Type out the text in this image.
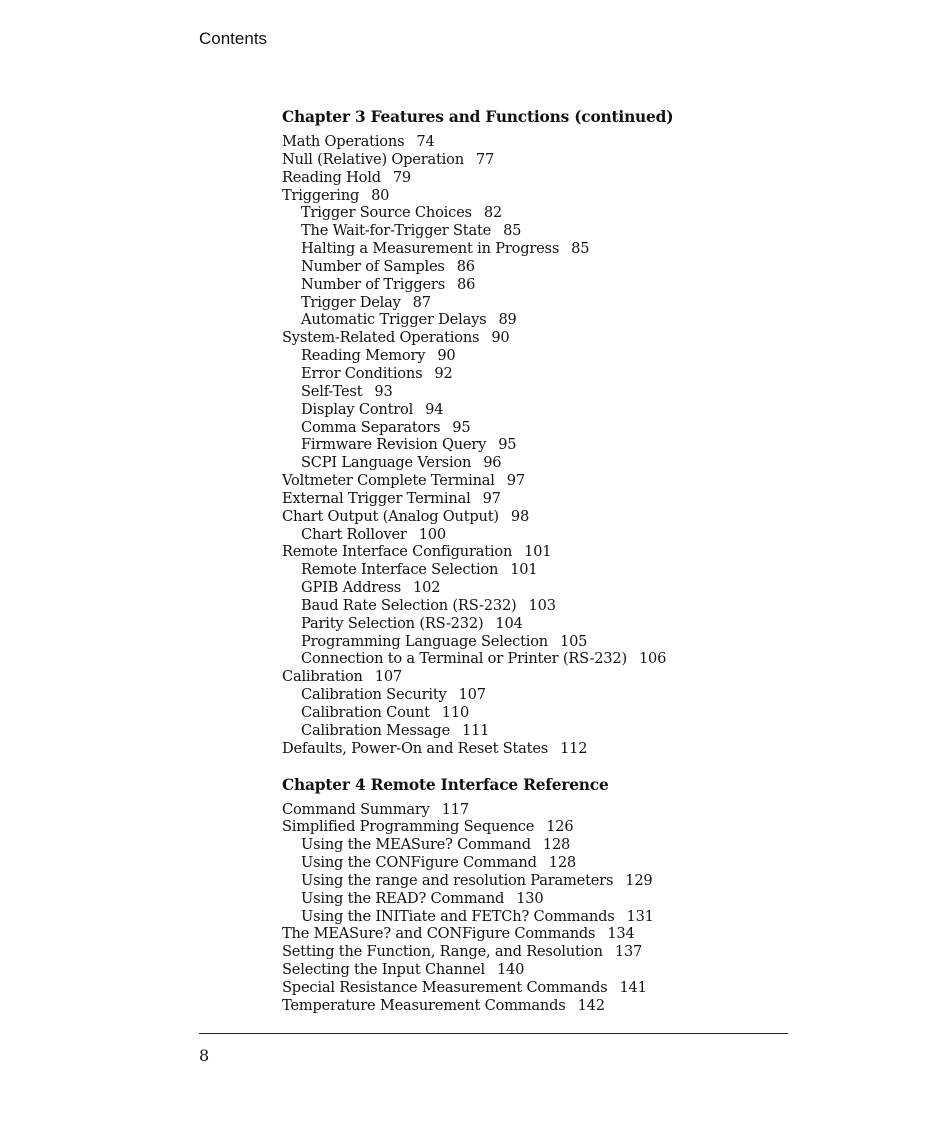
Contents
Chapter 3 Features and Functions (continued)
Math Operations 74
Null (Relative) Operation 77
Reading Hold 79
Triggering 80
Trigger Source Choices 82
The Wait-for-Trigger State 85
Halting a Measurement in Progress 85
Number of Samples 86
Number of Triggers 86
Trigger Delay 87
Automatic Trigger Delays 89
System-Related Operations 90
Reading Memory 90
Error Conditions 92
Self-Test 93
Display Control 94
Comma Separators 95
Firmware Revision Query 95
SCPI Language Version 96
Voltmeter Complete Terminal 97
External Trigger Terminal 97
Chart Output (Analog Output) 98
Chart Rollover 100
Remote Interface Configuration 101
Remote Interface Selection 101
GPIB Address 102
Baud Rate Selection (RS-232) 103
Parity Selection (RS-232) 104
Programming Language Selection 105
Connection to a Terminal or Printer (RS-232) 106
Calibration 107
Calibration Security 107
Calibration Count 110
Calibration Message 111
Defaults, Power-On and Reset States 112
Chapter 4 Remote Interface Reference
Command Summary 117
Simplified Programming Sequence 126
Using the MEASure? Command 128
Using the CONFigure Command 128
Using the range and resolution Parameters 129
Using the READ? Command 130
Using the INITiate and FETCh? Commands 131
The MEASure? and CONFigure Commands 134
Setting the Function, Range, and Resolution 137
Selecting the Input Channel 140
Special Resistance Measurement Commands 141
Temperature Measurement Commands 142
8
